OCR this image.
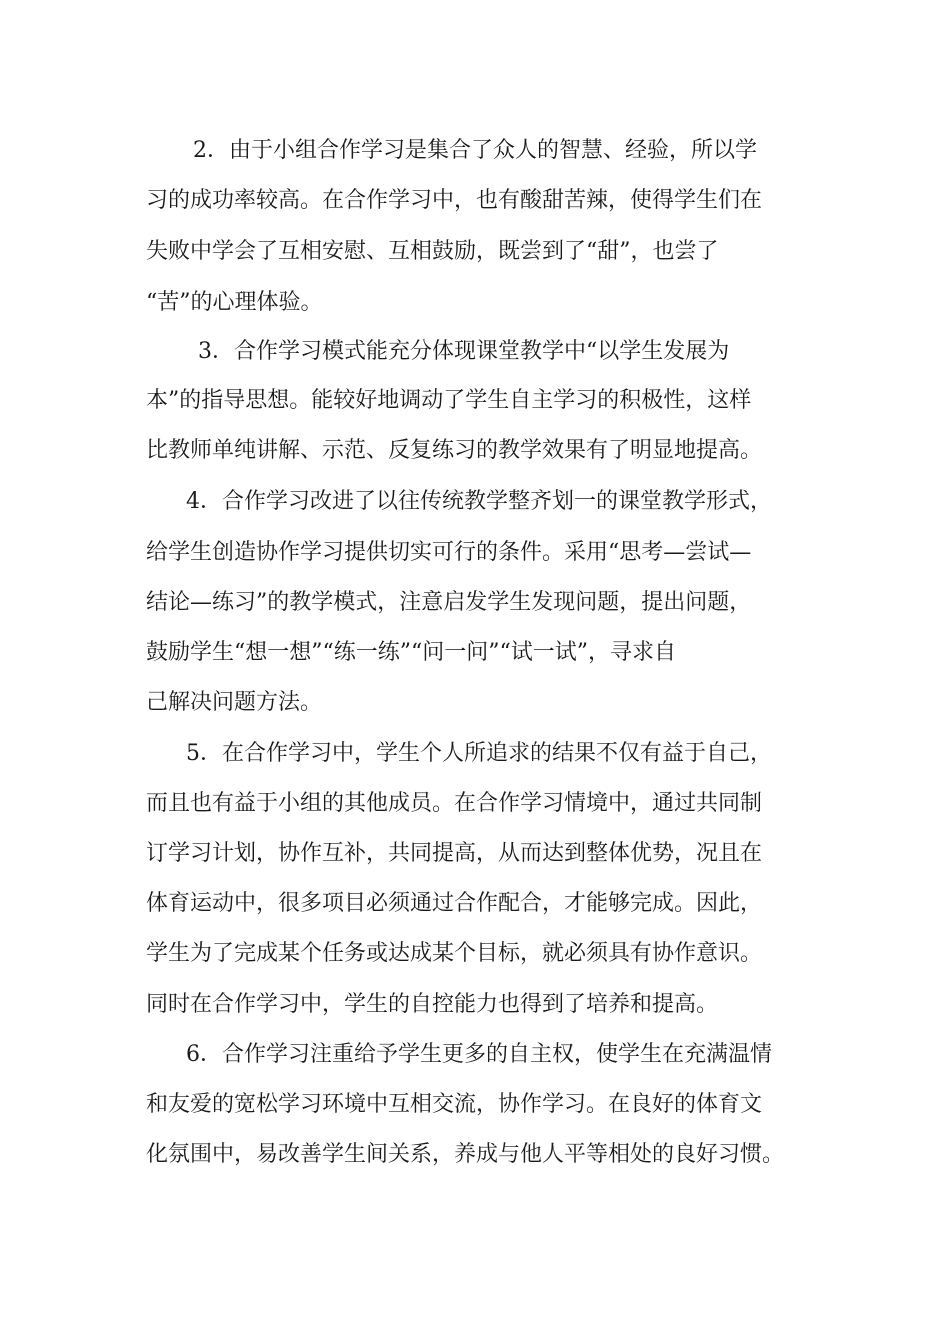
2．由于小组合作学习是集合了众人的智慧、经验，所以学

习的成功率较高。在合作学习中，也有酸甜苦辣，使得学生们在

失败中学会了互相安慰、互相鼓励，既尝到了“甜”，也尝了

“苦”的心理体验。

3．合作学习模式能充分体现课堂教学中“以学生发展为

本”的指导思想。能较好地调动了学生自主学习的积极性，这样

比教师单纯讲解、示范、反复练习的教学效果有了明显地提高。

4．合作学习改进了以往传统教学整齐划一的课堂教学形式，

给学生创造协作学习提供切实可行的条件。采用“思考—尝试—

结论—练习”的教学模式，注意启发学生发现问题，提出问题，

鼓励学生“想一想”“练一练”“问一问”“试一试”，寻求自

己解决问题方法。

5．在合作学习中，学生个人所追求的结果不仅有益于自己，

而且也有益于小组的其他成员。在合作学习情境中，通过共同制

订学习计划，协作互补，共同提高，从而达到整体优势，况且在

体育运动中，很多项目必须通过合作配合，才能够完成。因此，

学生为了完成某个任务或达成某个目标，就必须具有协作意识。

同时在合作学习中，学生的自控能力也得到了培养和提高。

6．合作学习注重给予学生更多的自主权，使学生在充满温情

和友爱的宽松学习环境中互相交流，协作学习。在良好的体育文

化氛围中，易改善学生间关系，养成与他人平等相处的良好习惯。
